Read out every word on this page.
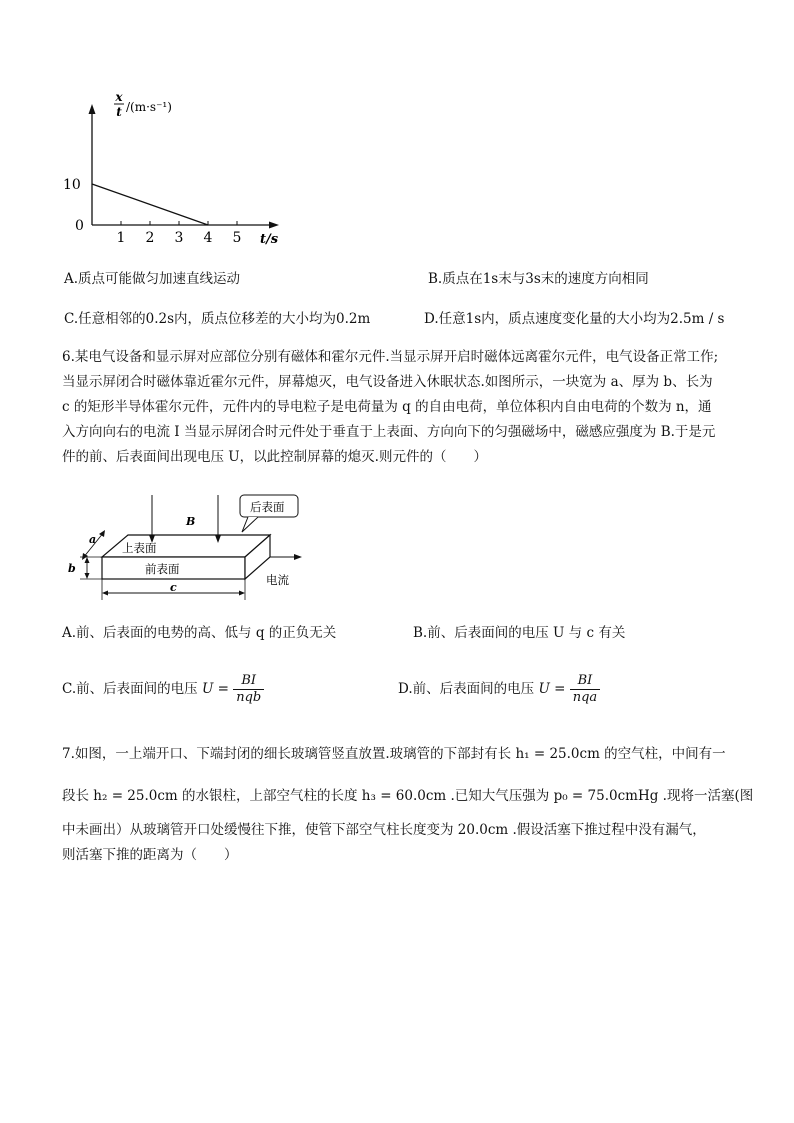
x
t /(m·s⁻¹)
10
0
1 2 3 4 5 t/s
A.质点可能做匀加速直线运动	B.质点在1s末与3s末的速度方向相同
C.任意相邻的0.2s内，质点位移差的大小均为0.2m	D.任意1s内，质点速度变化量的大小均为2.5m / s
6.某电气设备和显示屏对应部位分别有磁体和霍尔元件.当显示屏开启时磁体远离霍尔元件，电气设备正常工作;
当显示屏闭合时磁体靠近霍尔元件，屏幕熄灭，电气设备进入休眠状态.如图所示，一块宽为 a、厚为 b、长为
c 的矩形半导体霍尔元件，元件内的导电粒子是电荷量为 q 的自由电荷，单位体积内自由电荷的个数为 n，通
入方向向右的电流 I 当显示屏闭合时元件处于垂直于上表面、方向向下的匀强磁场中，磁感应强度为 B.于是元
件的前、后表面间出现电压 U，以此控制屏幕的熄灭.则元件的（　　）
B
后表面
上表面
前表面
电流
a
b
c
A.前、后表面的电势的高、低与 q 的正负无关	B.前、后表面间的电压 U 与 c 有关
C.前、后表面间的电压 $U = \frac{BI}{\text{nqb}}$	D.前、后表面间的电压 $U = \frac{BI}{\text{nqa}}$
7.如图，一上端开口、下端封闭的细长玻璃管竖直放置.玻璃管的下部封有长 h₁ = 25.0cm 的空气柱，中间有一
段长 h₂ = 25.0cm 的水银柱，上部空气柱的长度 h₃ = 60.0cm .已知大气压强为 p₀ = 75.0cmHg .现将一活塞(图
中未画出）从玻璃管开口处缓慢往下推，使管下部空气柱长度变为 20.0cm .假设活塞下推过程中没有漏气，
则活塞下推的距离为（　　）
